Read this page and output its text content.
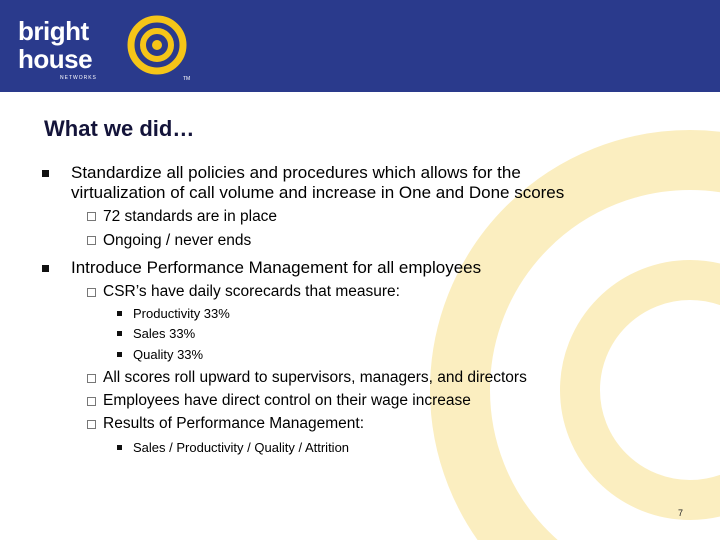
bright
house
NETWORKS	TM
What we did…
Standardize all policies and procedures which allows for the
virtualization of call volume and increase in One and Done scores
72 standards are in place
Ongoing / never ends
Introduce Performance Management for all employees
CSR’s have daily scorecards that measure:
Productivity 33%
Sales 33%
Quality 33%
All scores roll upward to supervisors, managers, and directors
Employees have direct control on their wage increase
Results of Performance Management:
Sales / Productivity / Quality / Attrition
7
